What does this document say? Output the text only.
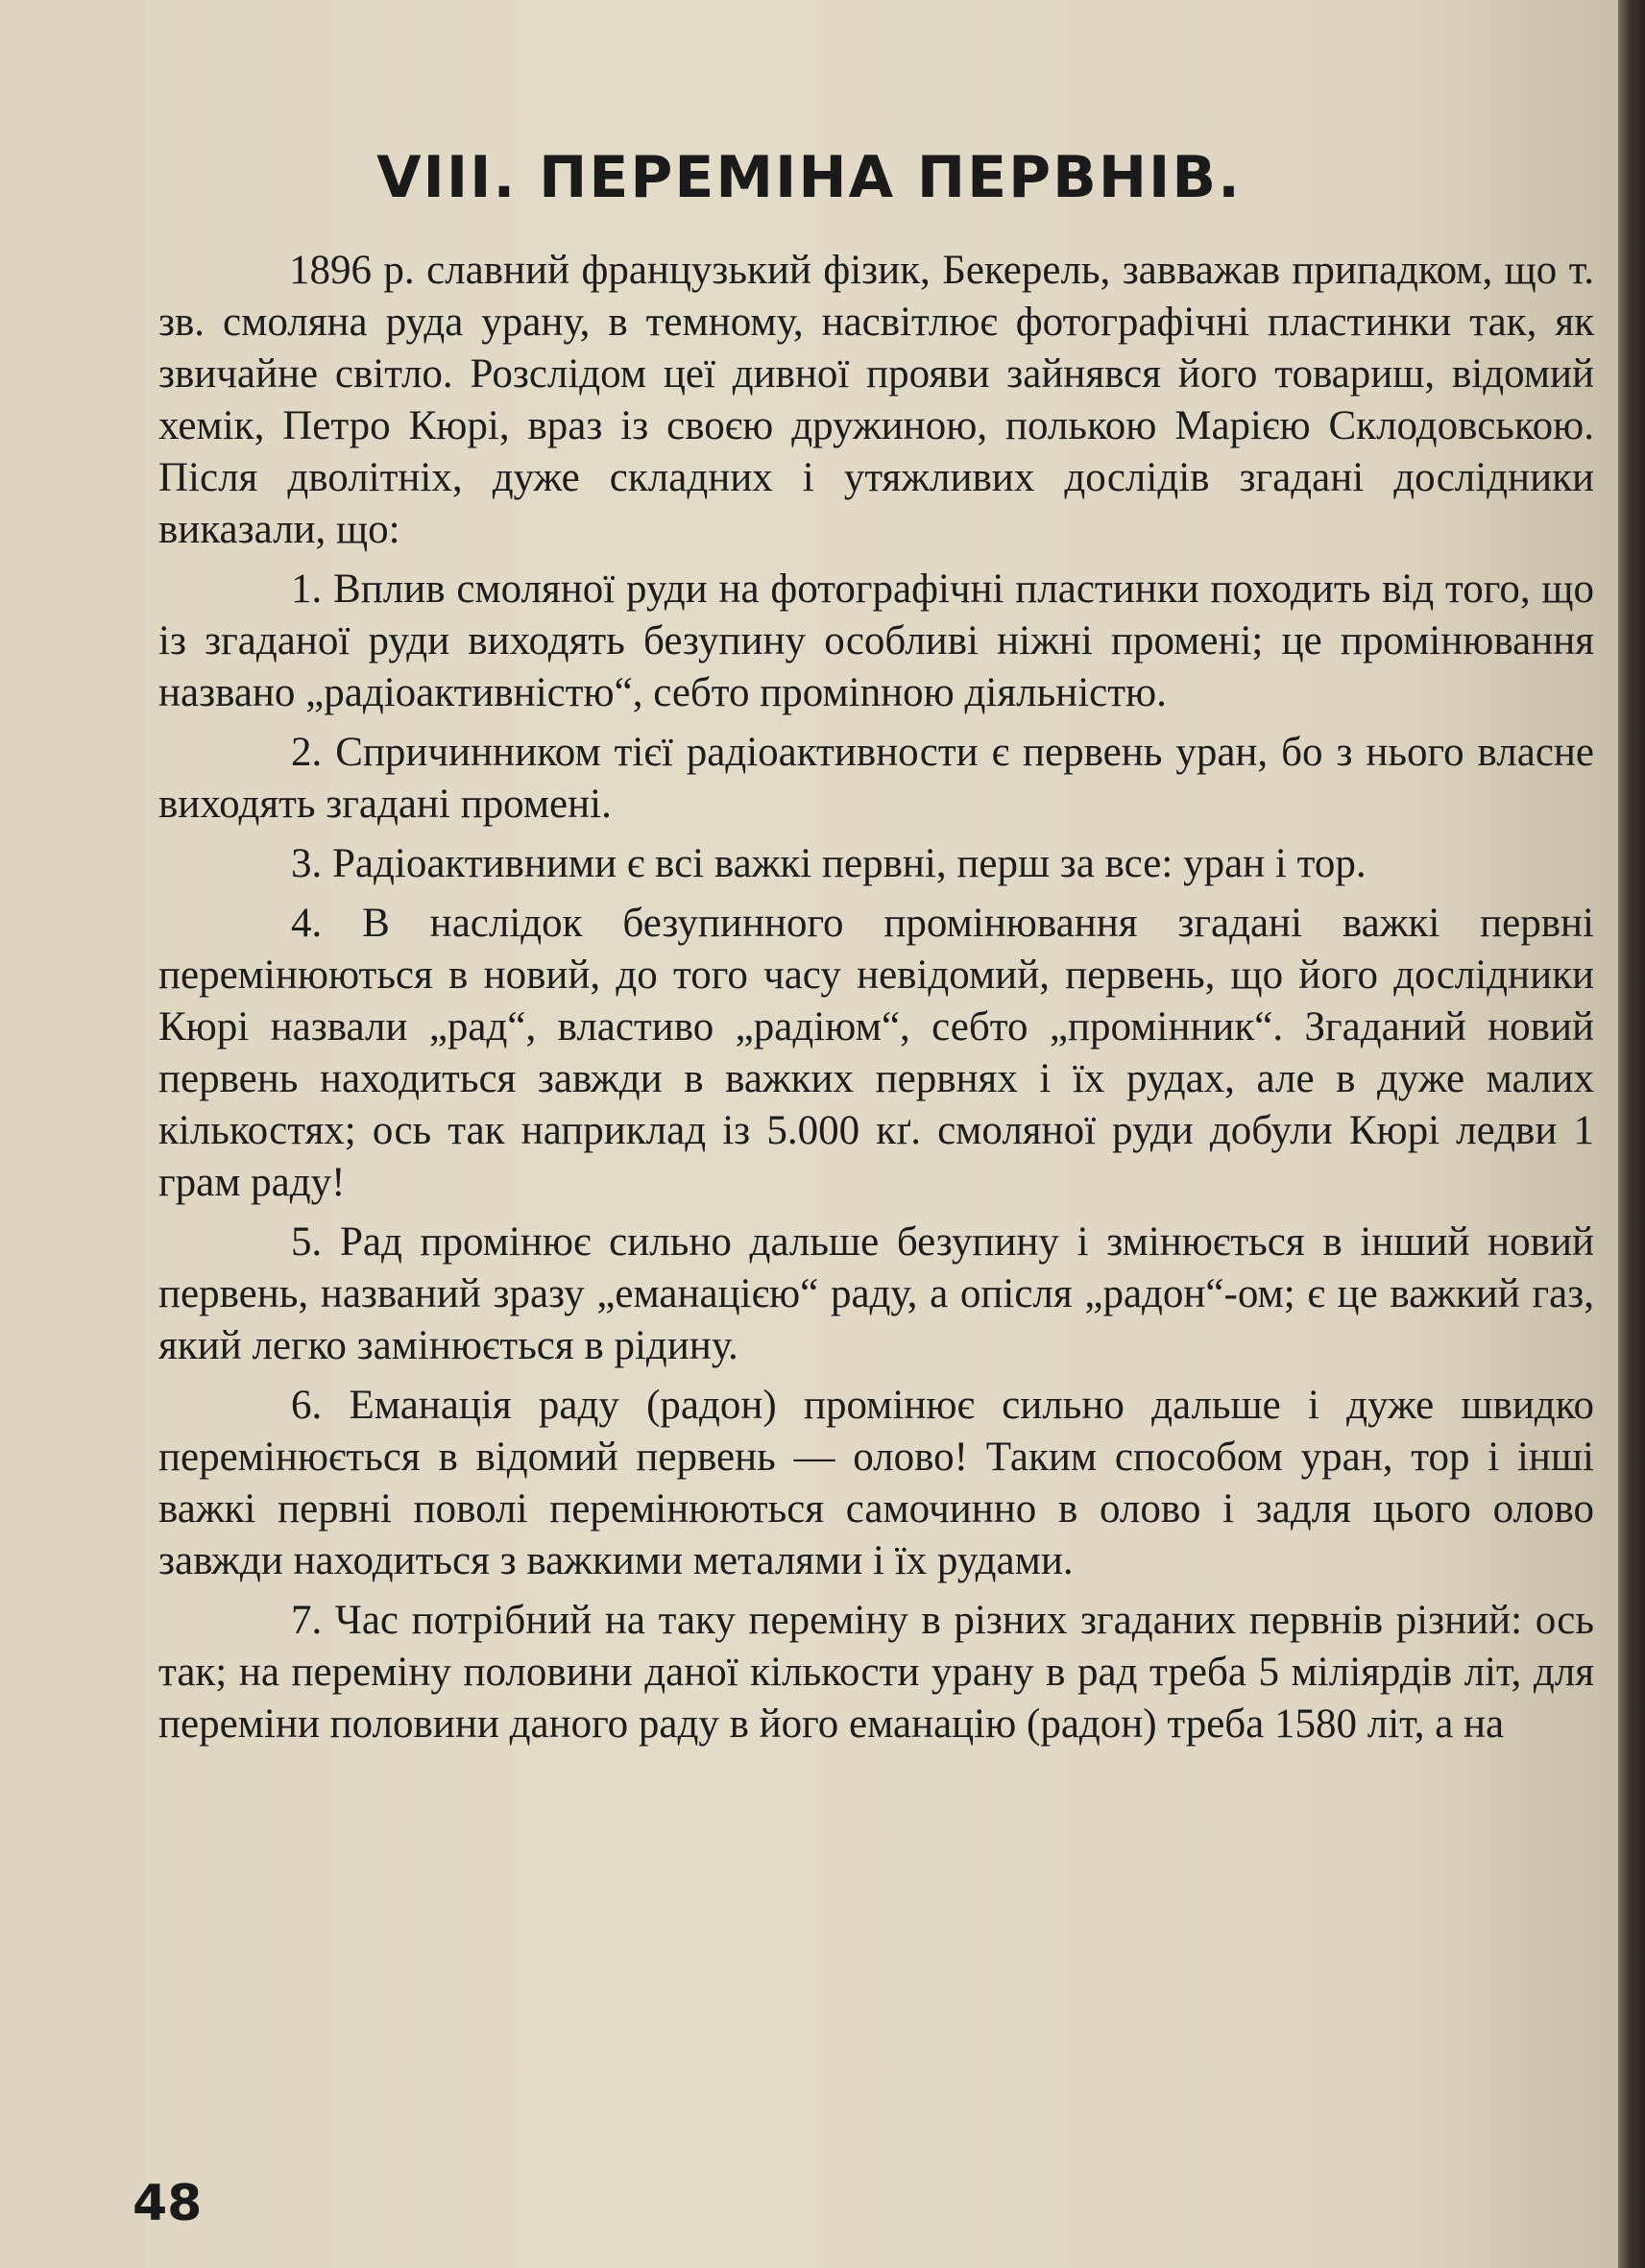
VIII. ПЕРЕМІНА ПЕРВНІВ.

1896 р. славний французький фізик, Бекерель, завважав припадком, що т. зв. смоляна руда урану, в темному, насвітлює фотографічні пластинки так, як звичайне світло. Розслідом цеї дивної прояви зайнявся його товариш, відомий хемік, Петро Кюрі, враз із своєю дружиною, полькою Марією Склодовською. Після дволітніх, дуже складних і утяжливих дослідів згадані дослідники виказали, що:

1. Вплив смоляної руди на фотографічні пластинки походить від того, що із згаданої руди виходять безупину особливі ніжні промені; це промінювання названо „радіоактивністю“, себто проміnною діяльністю.

2. Спричинником тієї радіоактивности є первень уран, бо з нього власне виходять згадані промені.

3. Радіоактивними є всі важкі первні, перш за все: уран і тор.

4. В наслідок безупинного промінювання згадані важкі первні перемінюються в новий, до того часу невідомий, первень, що його дослідники Кюрі назвали „рад“, властиво „радіюм“, себто „промінник“. Згаданий новий первень находиться завжди в важких первнях і їх рудах, але в дуже малих кількостях; ось так наприклад із 5.000 кґ. смоляної руди добули Кюрі ледви 1 грам раду!

5. Рад промінює сильно дальше безупину і змінюється в інший новий первень, названий зразу „еманацією“ раду, а опісля „радон“-ом; є це важкий газ, який легко замінюється в рідину.

6. Еманація раду (радон) промінює сильно дальше і дуже швидко перемінюється в відомий первень — олово! Таким способом уран, тор і інші важкі первні поволі перемінюються самочинно в олово і задля цього олово завжди находиться з важкими металями і їх рудами.

7. Час потрібний на таку переміну в різних згаданих первнів різний: ось так; на переміну половини даної кількости урану в рад треба 5 міліярдів літ, для переміни половини даного раду в його еманацію (радон) треба 1580 літ, а на

48
